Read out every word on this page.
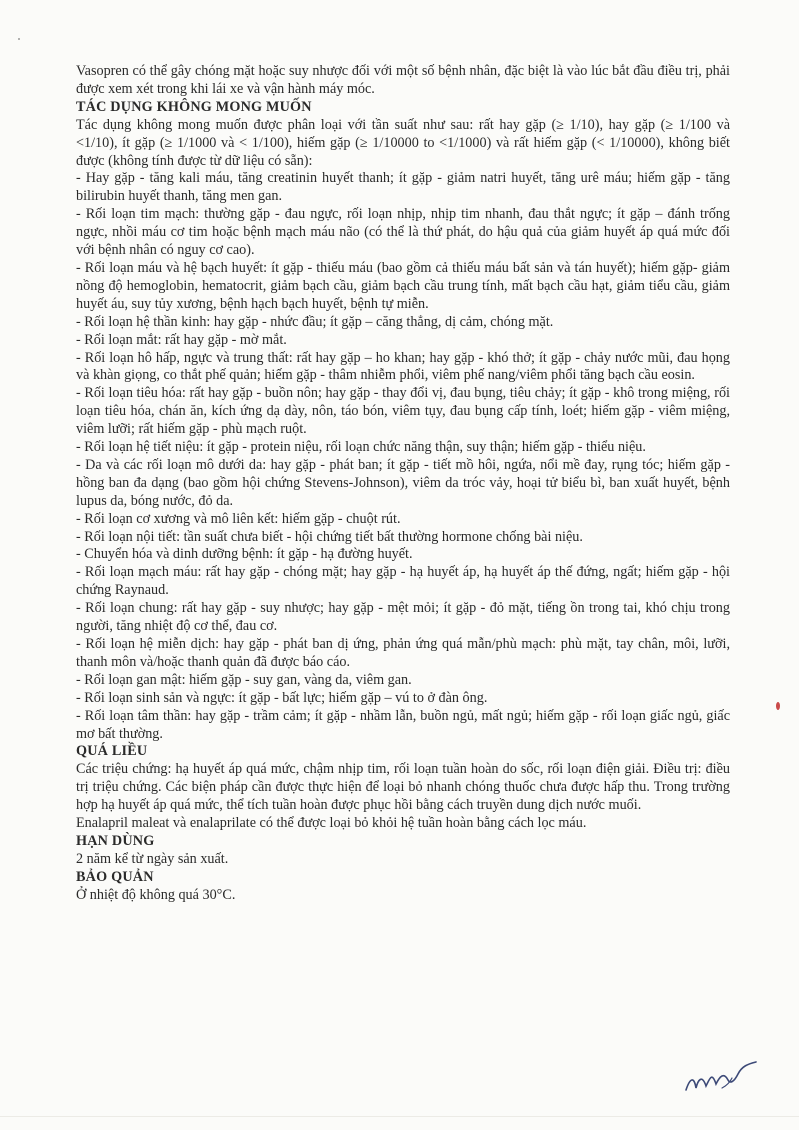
Vasopren có thể gây chóng mặt hoặc suy nhược đối với một số bệnh nhân, đặc biệt là vào lúc bắt đầu điều trị, phải được xem xét trong khi lái xe và vận hành máy móc.

TÁC DỤNG KHÔNG MONG MUỐN

Tác dụng không mong muốn được phân loại với tần suất như sau: rất hay gặp (≥ 1/10), hay gặp (≥ 1/100 và <1/10), ít gặp (≥ 1/1000 và < 1/100), hiếm gặp (≥ 1/10000 to <1/1000) và rất hiếm gặp (< 1/10000), không biết được (không tính được từ dữ liệu có sẵn):

- Hay gặp - tăng kali máu, tăng creatinin huyết thanh; ít gặp - giảm natri huyết, tăng urê máu; hiếm gặp - tăng bilirubin huyết thanh, tăng men gan.

- Rối loạn tim mạch: thường gặp - đau ngực, rối loạn nhịp, nhịp tim nhanh, đau thắt ngực; ít gặp – đánh trống ngực, nhồi máu cơ tim hoặc bệnh mạch máu não (có thể là thứ phát, do hậu quả của giảm huyết áp quá mức đối với bệnh nhân có nguy cơ cao).

- Rối loạn máu và hệ bạch huyết: ít gặp - thiếu máu (bao gồm cả thiếu máu bất sản và tán huyết); hiếm gặp- giảm nồng độ hemoglobin, hematocrit, giảm bạch cầu, giảm bạch cầu trung tính, mất bạch cầu hạt, giảm tiểu cầu, giảm huyết áu, suy tủy xương, bệnh hạch bạch huyết, bệnh tự miễn.

- Rối loạn hệ thần kinh: hay gặp - nhức đầu; ít gặp – căng thẳng, dị cảm, chóng mặt.

- Rối loạn mắt: rất hay gặp - mờ mắt.

- Rối loạn hô hấp, ngực và trung thất: rất hay gặp – ho khan; hay gặp - khó thở; ít gặp - chảy nước mũi, đau họng và khàn giọng, co thắt phế quản; hiếm gặp - thâm nhiễm phổi, viêm phế nang/viêm phổi tăng bạch cầu eosin.

- Rối loạn tiêu hóa: rất hay gặp - buồn nôn; hay gặp - thay đổi vị, đau bụng, tiêu chảy; ít gặp - khô trong miệng, rối loạn tiêu hóa, chán ăn, kích ứng dạ dày, nôn, táo bón, viêm tụy, đau bụng cấp tính, loét; hiếm gặp - viêm miệng, viêm lưỡi; rất hiếm gặp - phù mạch ruột.

- Rối loạn hệ tiết niệu: ít gặp - protein niệu, rối loạn chức năng thận, suy thận; hiếm gặp - thiểu niệu.

- Da và các rối loạn mô dưới da: hay gặp - phát ban; ít gặp - tiết mồ hôi, ngứa, nổi mề đay, rụng tóc; hiếm gặp - hồng ban đa dạng (bao gồm hội chứng Stevens-Johnson), viêm da tróc vảy, hoại tử biểu bì, ban xuất huyết, bệnh lupus da, bóng nước, đỏ da.

- Rối loạn cơ xương và mô liên kết: hiếm gặp - chuột rút.

- Rối loạn nội tiết: tần suất chưa biết - hội chứng tiết bất thường hormone chống bài niệu.

- Chuyển hóa và dinh dưỡng bệnh: ít gặp - hạ đường huyết.

- Rối loạn mạch máu: rất hay gặp - chóng mặt; hay gặp - hạ huyết áp, hạ huyết áp thế đứng, ngất; hiếm gặp - hội chứng Raynaud.

- Rối loạn chung: rất hay gặp - suy nhược; hay gặp - mệt mỏi; ít gặp - đỏ mặt, tiếng ồn trong tai, khó chịu trong người, tăng nhiệt độ cơ thể, đau cơ.

- Rối loạn hệ miễn dịch: hay gặp - phát ban dị ứng, phản ứng quá mẫn/phù mạch: phù mặt, tay chân, môi, lưỡi, thanh môn và/hoặc thanh quản đã được báo cáo.

- Rối loạn gan mật: hiếm gặp - suy gan, vàng da, viêm gan.

- Rối loạn sinh sản và ngực: ít gặp - bất lực; hiếm gặp – vú to ở đàn ông.

- Rối loạn tâm thần: hay gặp - trầm cảm; ít gặp - nhầm lẫn, buồn ngủ, mất ngủ; hiếm gặp - rối loạn giấc ngủ, giấc mơ bất thường.

QUÁ LIỀU

Các triệu chứng: hạ huyết áp quá mức, chậm nhịp tim, rối loạn tuần hoàn do sốc, rối loạn điện giải. Điều trị: điều trị triệu chứng. Các biện pháp cần được thực hiện để loại bỏ nhanh chóng thuốc chưa được hấp thu. Trong trường hợp hạ huyết áp quá mức, thể tích tuần hoàn được phục hồi bằng cách truyền dung dịch nước muối.

Enalapril maleat và enalaprilate có thể được loại bỏ khỏi hệ tuần hoàn bằng cách lọc máu.

HẠN DÙNG

2 năm kể từ ngày sản xuất.

BẢO QUẢN

Ở nhiệt độ không quá 30°C.
